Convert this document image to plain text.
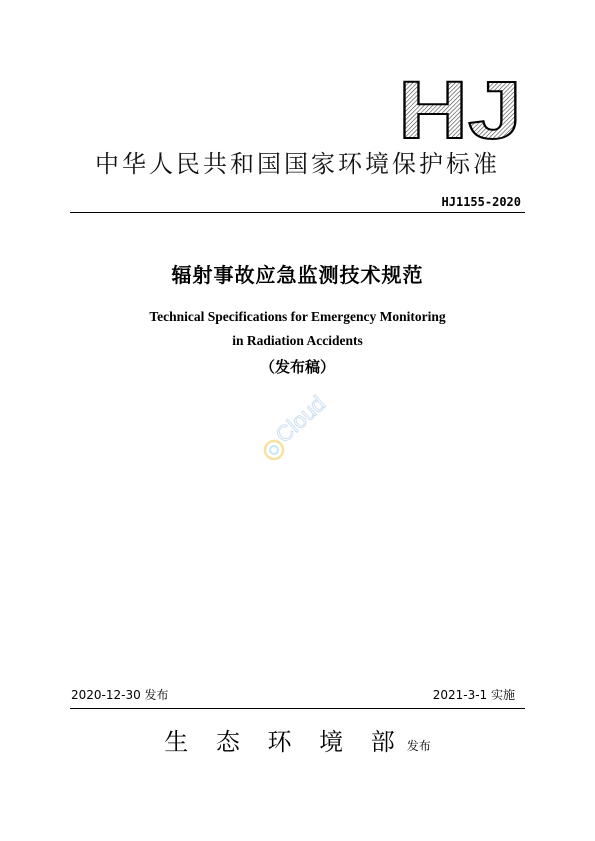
HJ
中华人民共和国国家环境保护标准
HJ1155-2020
辐射事故应急监测技术规范
Technical Specifications for Emergency Monitoring
in Radiation Accidents
（发布稿）
Cloud
2020-12-30 发布	2021-3-1 实施
生 态 环 境 部 发布
